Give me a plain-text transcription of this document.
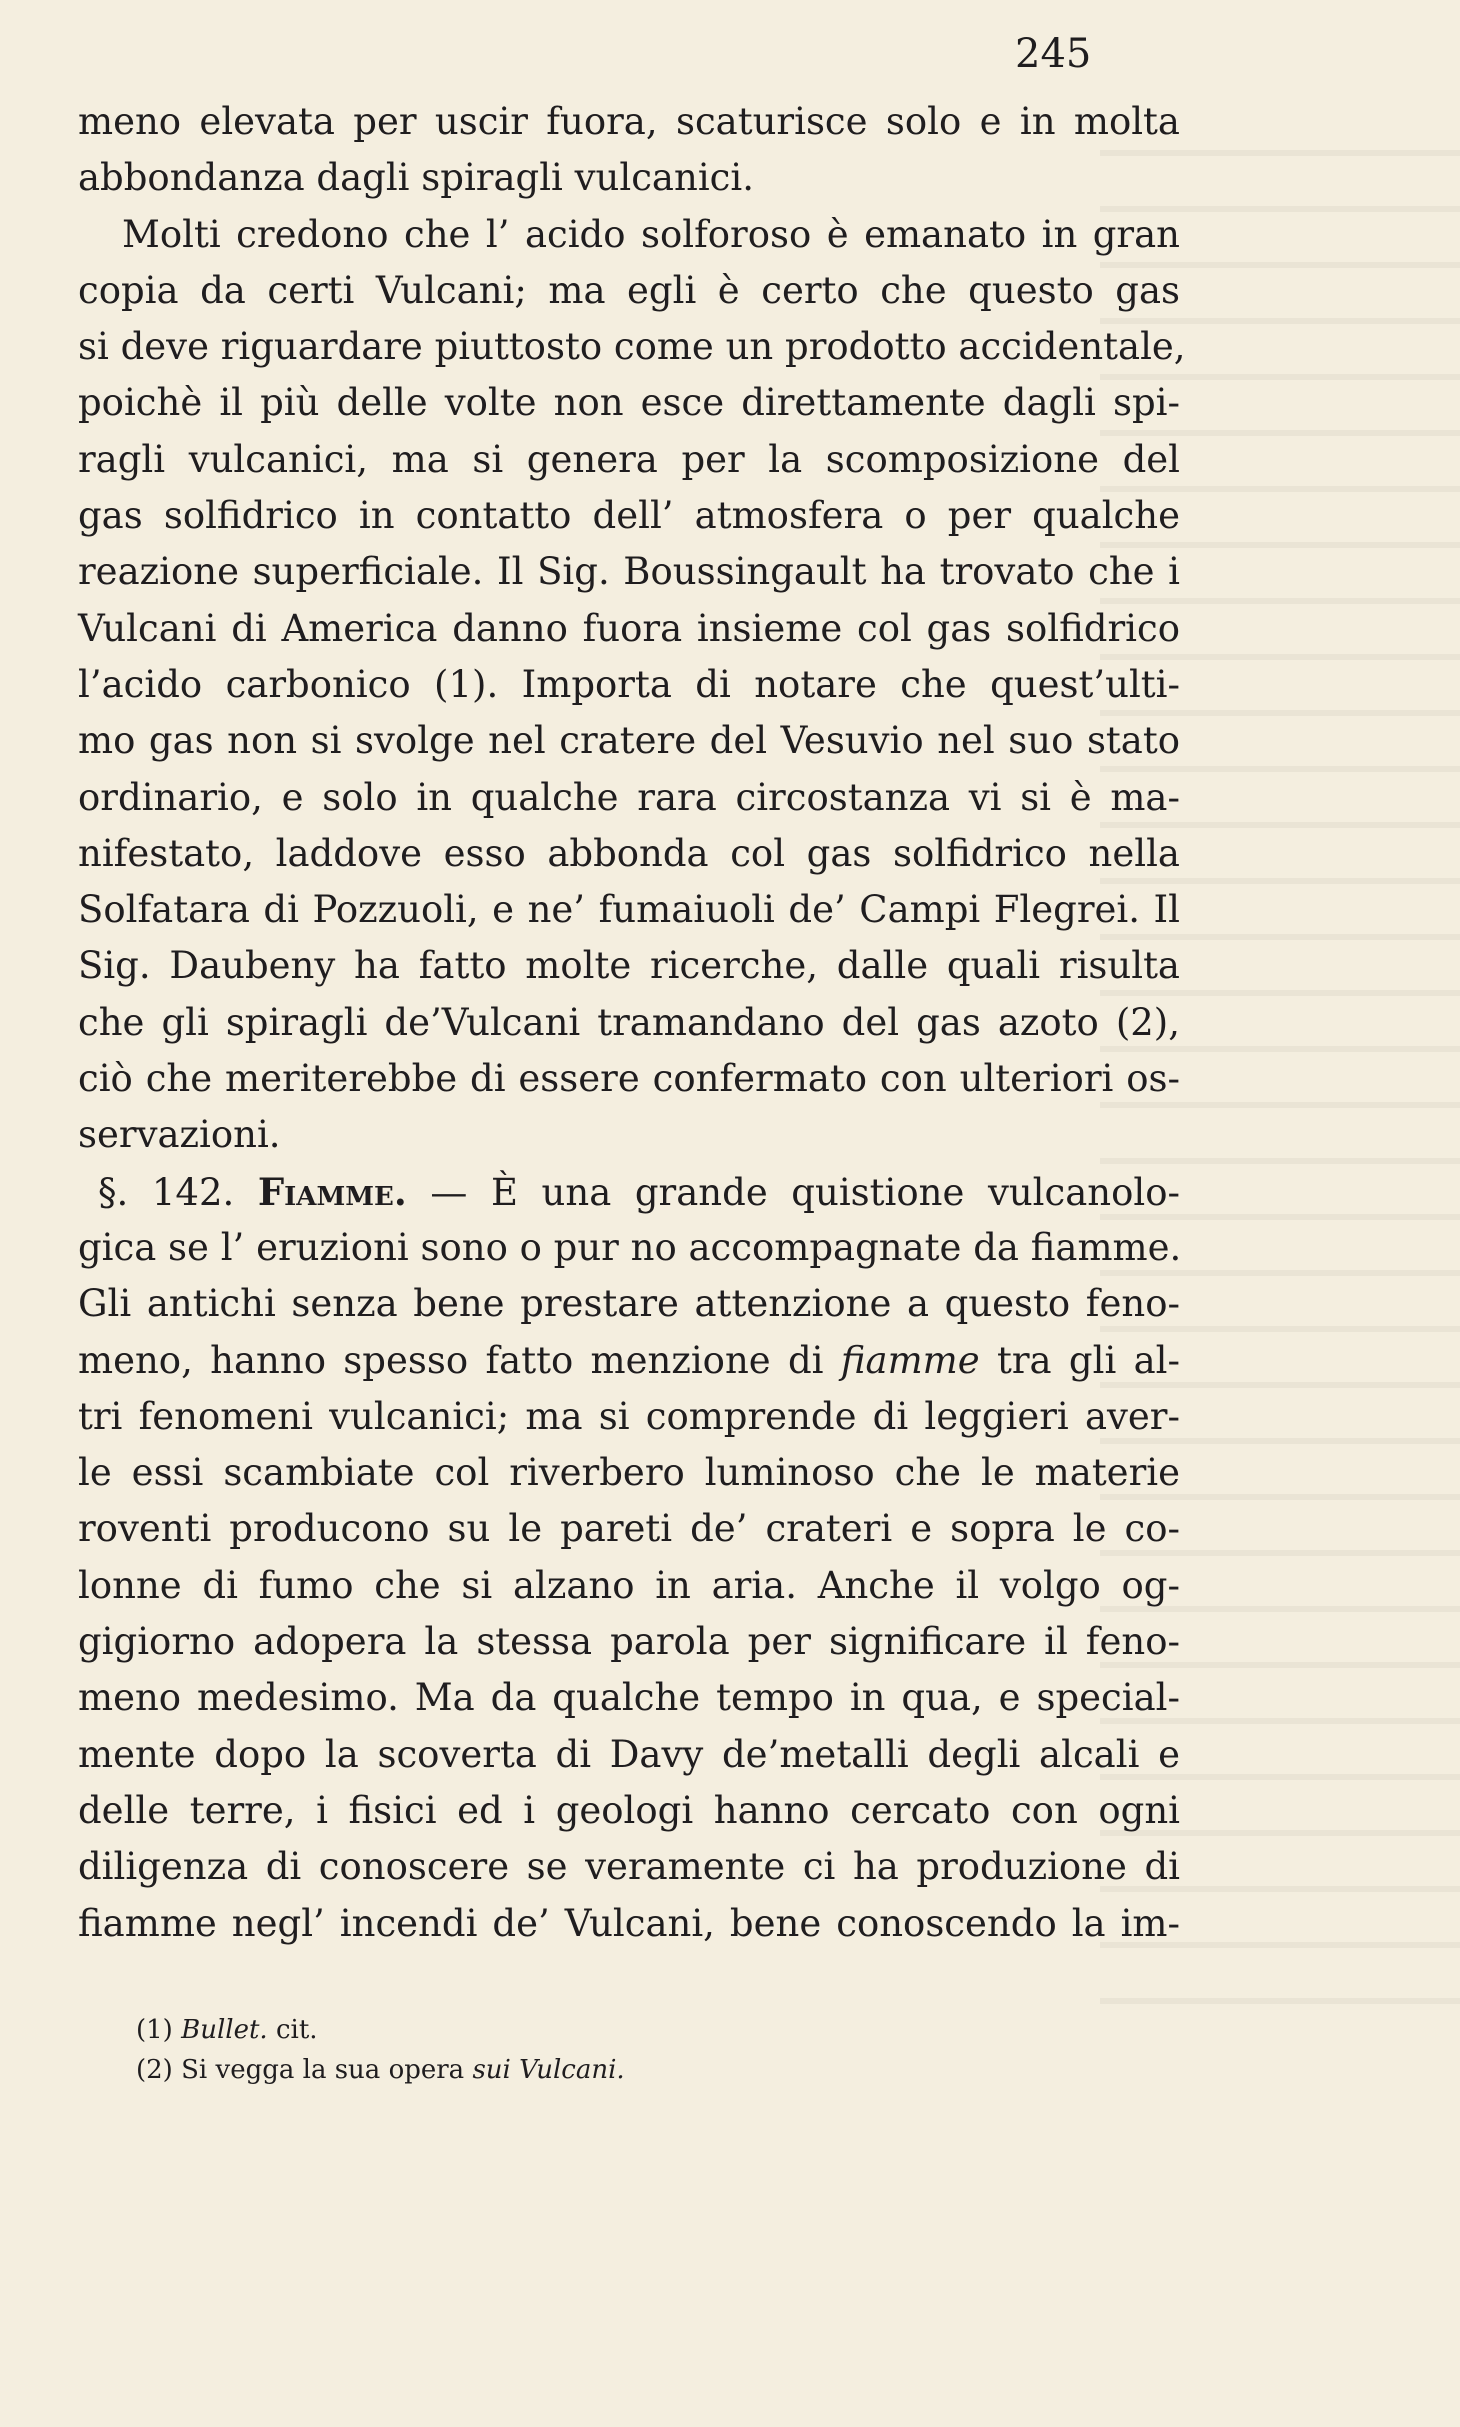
245
meno elevata per uscir fuora, scaturisce solo e in molta
abbondanza dagli spiragli vulcanici.
Molti credono che l’ acido solforoso è emanato in gran
copia da certi Vulcani; ma egli è certo che questo gas
si deve riguardare piuttosto come un prodotto accidentale,
poichè il più delle volte non esce direttamente dagli spi-
ragli vulcanici, ma si genera per la scomposizione del
gas solfidrico in contatto dell’ atmosfera o per qualche
reazione superficiale. Il Sig. Boussingault ha trovato che i
Vulcani di America danno fuora insieme col gas solfidrico
l’acido carbonico (1). Importa di notare che quest’ulti-
mo gas non si svolge nel cratere del Vesuvio nel suo stato
ordinario, e solo in qualche rara circostanza vi si è ma-
nifestato, laddove esso abbonda col gas solfidrico nella
Solfatara di Pozzuoli, e ne’ fumaiuoli de’ Campi Flegrei. Il
Sig. Daubeny ha fatto molte ricerche, dalle quali risulta
che gli spiragli de’Vulcani tramandano del gas azoto (2),
ciò che meriterebbe di essere confermato con ulteriori os-
servazioni.
§. 142. Fiamme. — È una grande quistione vulcanolo-
gica se l’ eruzioni sono o pur no accompagnate da fiamme.
Gli antichi senza bene prestare attenzione a questo feno-
meno, hanno spesso fatto menzione di fiamme tra gli al-
tri fenomeni vulcanici; ma si comprende di leggieri aver-
le essi scambiate col riverbero luminoso che le materie
roventi producono su le pareti de’ crateri e sopra le co-
lonne di fumo che si alzano in aria. Anche il volgo og-
gigiorno adopera la stessa parola per significare il feno-
meno medesimo. Ma da qualche tempo in qua, e special-
mente dopo la scoverta di Davy de’metalli degli alcali e
delle terre, i fisici ed i geologi hanno cercato con ogni
diligenza di conoscere se veramente ci ha produzione di
fiamme negl’ incendi de’ Vulcani, bene conoscendo la im-
(1) Bullet. cit.
(2) Si vegga la sua opera sui Vulcani.
